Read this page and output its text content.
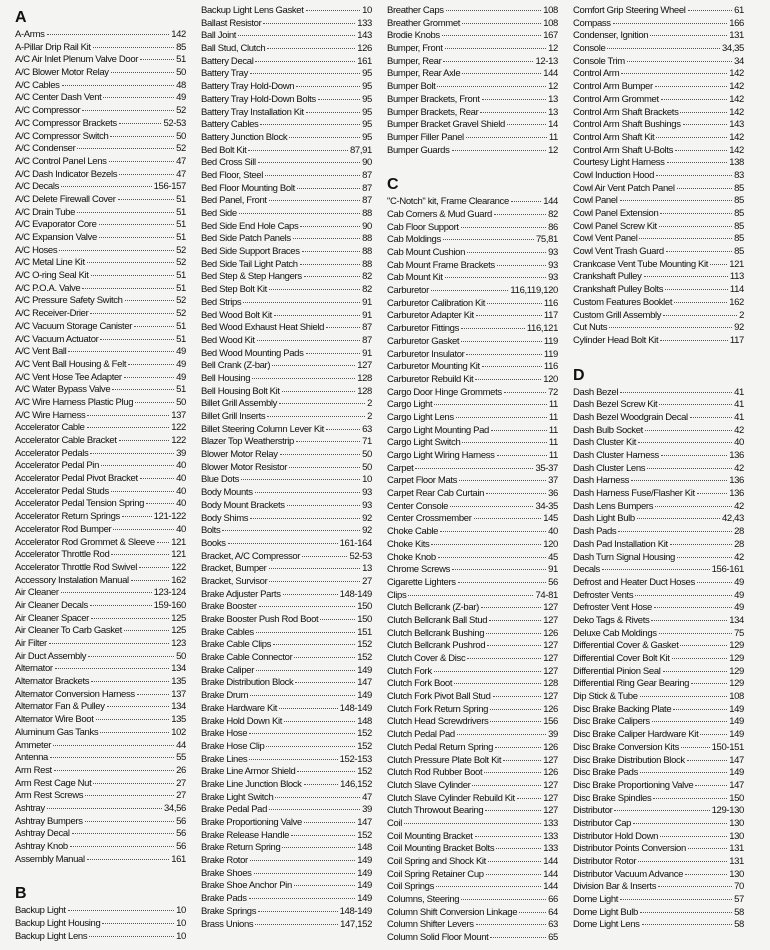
A
A-Arms	142
A-Pillar Drip Rail Kit	85
A/C Air Inlet Plenum Valve Door	51
A/C Blower Motor Relay	50
A/C Cables	48
A/C Center Dash Vent	49
A/C Compressor	52
A/C Compressor Brackets	52-53
A/C Compressor Switch	50
A/C Condenser	52
A/C Control Panel Lens	47
A/C Dash Indicator Bezels	47
A/C Decals	156-157
A/C Delete Firewall Cover	51
A/C Drain Tube	51
A/C Evaporator Core	51
A/C Expansion Valve	51
A/C Hoses	52
A/C Metal Line Kit	52
A/C O-ring Seal Kit	51
A/C P.O.A. Valve	51
A/C Pressure Safety Switch	52
A/C Receiver-Drier	52
A/C Vacuum Storage Canister	51
A/C Vacuum Actuator	51
A/C Vent Ball	49
A/C Vent Ball Housing & Felt	49
A/C Vent Hose Tee Adapter	49
A/C Water Bypass Valve	51
A/C Wire Harness Plastic Plug	50
A/C Wire Harness	137
Accelerator Cable	122
Accelerator Cable Bracket	122
Accelerator Pedals	39
Accelerator Pedal Pin	40
Accelerator Pedal Pivot Bracket	40
Accelerator Pedal Studs	40
Accelerator Pedal Tension Spring	40
Accelerator Return Springs	121-122
Accelerator Rod Bumper	40
Accelerator Rod Grommet & Sleeve 121
Accelerator Throttle Rod	121
Accelerator Throttle Rod Swivel	122
Accessory Instalation Manual	162
Air Cleaner	123-124
Air Cleaner Decals	159-160
Air Cleaner Spacer	125
Air Cleaner To Carb Gasket	125
Air Filter	123
Air Duct Assembly	50
Alternator	134
Alternator Brackets	135
Alternator Conversion Harness	137
Alternator Fan & Pulley	134
Alternator Wire Boot	135
Aluminum Gas Tanks	102
Ammeter	44
Antenna	55
Arm Rest	26
Arm Rest Cage Nut	27
Arm Rest Screws	27
Ashtray	34,56
Ashtray Bumpers	56
Ashtray Decal	56
Ashtray Knob	56
Assembly Manual	161
B
Backup Light	10
Backup Light Housing	10
Backup Light Lens	10
Backup Light Lens Gasket	10
Ballast Resistor	133
Ball Joint	143
Ball Stud, Clutch	126
Battery Decal	161
Battery Tray	95
Battery Tray Hold-Down	95
Battery Tray Hold-Down Bolts	95
Battery Tray Installation Kit	95
Battery Cables	95
Battery Junction Block	95
Bed Bolt Kit	87,91
Bed Cross Sill	90
Bed Floor, Steel	87
Bed Floor Mounting Bolt	87
Bed Panel, Front	87
Bed Side	88
Bed Side End Hole Caps	90
Bed Side Patch Panels	88
Bed Side Support Braces	88
Bed Side Tail Light Patch	88
Bed Step & Step Hangers	82
Bed Step Bolt Kit	82
Bed Strips	91
Bed Wood Bolt Kit	91
Bed Wood Exhaust Heat Shield	87
Bed Wood Kit	87
Bed Wood Mounting Pads	91
Bell Crank (Z-bar)	127
Bell Housing	128
Bell Housing Bolt Kit	128
Billet Grill Assembly	2
Billet Grill Inserts	2
Billet Steering Column Lever Kit	63
Blazer Top Weatherstrip	71
Blower Motor Relay	50
Blower Motor Resistor	50
Blue Dots	10
Body Mounts	93
Body Mount Brackets	93
Body Shims	92
Bolts	92
Books	161-164
Bracket, A/C Compressor	52-53
Bracket, Bumper	13
Bracket, Survisor	27
Brake Adjuster Parts	148-149
Brake Booster	150
Brake Booster Push Rod Boot	150
Brake Cables	151
Brake Cable Clips	152
Brake Cable Connector	152
Brake Caliper	149
Brake Distribution Block	147
Brake Drum	149
Brake Hardware Kit	148-149
Brake Hold Down Kit	148
Brake Hose	152
Brake Hose Clip	152
Brake Lines	152-153
Brake Line Armor Shield	152
Brake Line Junction Block	146,152
Brake Light Switch	47
Brake Pedal Pad	39
Brake Proportioning Valve	147
Brake Release Handle	152
Brake Return Spring	148
Brake Rotor	149
Brake Shoes	149
Brake Shoe Anchor Pin	149
Brake Pads	149
Brake Springs	148-149
Brass Unions	147,152
Breather Caps	108
Breather Grommet	108
Brodie Knobs	167
Bumper, Front	12
Bumper, Rear	12-13
Bumper, Rear Axle	144
Bumper Bolt	12
Bumper Brackets, Front	13
Bumper Brackets, Rear	13
Bumper Bracket Gravel Shield	14
Bumper Filler Panel	11
Bumper Guards	12
C
"C-Notch" kit, Frame Clearance	144
Cab Corners & Mud Guard	82
Cab Floor Support	86
Cab Moldings	75,81
Cab Mount Cushion	93
Cab Mount Frame Brackets	93
Cab Mount Kit	93
Carburetor	116,119,120
Carburetor Calibration Kit	116
Carburetor Adapter Kit	117
Carburetor Fittings	116,121
Carburetor Gasket	119
Carburetor Insulator	119
Carburetor Mounting Kit	116
Carburetor Rebuild Kit	120
Cargo Door Hinge Grommets	72
Cargo Light	11
Cargo Light Lens	11
Cargo Light Mounting Pad	11
Cargo Light Switch	11
Cargo Light Wiring Harness	11
Carpet	35-37
Carpet Floor Mats	37
Carpet Rear Cab Curtain	36
Center Console	34-35
Center Crossmember	145
Choke Cable	40
Choke Kits	120
Choke Knob	45
Chrome Screws	91
Cigarette Lighters	56
Clips	74-81
Clutch Bellcrank (Z-bar)	127
Clutch Bellcrank Ball Stud	127
Clutch Bellcrank Bushing	126
Clutch Bellcrank Pushrod	127
Clutch Cover & Disc	127
Clutch Fork	127
Clutch Fork Boot	128
Clutch Fork Pivot Ball Stud	127
Clutch Fork Return Spring	126
Clutch Head Screwdrivers	156
Clutch Pedal Pad	39
Clutch Pedal Return Spring	126
Clutch Pressure Plate Bolt Kit	127
Clutch Rod Rubber Boot	126
Clutch Slave Cylinder	127
Clutch Slave Cylinder Rebuild Kit	127
Clutch Throwout Bearing	127
Coil	133
Coil Mounting Bracket	133
Coil Mounting Bracket Bolts	133
Coil Spring and Shock Kit	144
Coil Spring Retainer Cup	144
Coil Springs	144
Columns, Steering	66
Column Shift Conversion Linkage	64
Column Shifter Levers	63
Column Solid Floor Mount	65
Comfort Grip Steering Wheel	61
Compass	166
Condenser, Ignition	131
Console	34,35
Console Trim	34
Control Arm	142
Control Arm Bumper	142
Control Arm Grommet	142
Control Arm Shaft Brackets	142
Control Arm Shaft Bushings	143
Control Arm Shaft Kit	142
Control Arm Shaft U-Bolts	142
Courtesy Light Harness	138
Cowl Induction Hood	83
Cowl Air Vent Patch Panel	85
Cowl Panel	85
Cowl Panel Extension	85
Cowl Panel Screw Kit	85
Cowl Vent Panel	85
Cowl Vent Trash Guard	85
Crankcase Vent Tube Mounting Kit 121
Crankshaft Pulley	113
Crankshaft Pulley Bolts	114
Custom Features Booklet	162
Custom Grill Assembly	2
Cut Nuts	92
Cylinder Head Bolt Kit	117
D
Dash Bezel	41
Dash Bezel Screw Kit	41
Dash Bezel Woodgrain Decal	41
Dash Bulb Socket	42
Dash Cluster Kit	40
Dash Cluster Harness	136
Dash Cluster Lens	42
Dash Harness	136
Dash Harness Fuse/Flasher Kit	136
Dash Lens Bumpers	42
Dash Light Bulb	42,43
Dash Pads	28
Dash Pad Installation Kit	28
Dash Turn Signal Housing	42
Decals	156-161
Defrost and Heater Duct Hoses	49
Defroster Vents	49
Defroster Vent Hose	49
Deko Tags & Rivets	134
Deluxe Cab Moldings	75
Differential Cover & Gasket	129
Differential Cover Bolt Kit	129
Differential Pinion Seal	129
Differential Ring Gear Bearing	129
Dip Stick & Tube	108
Disc Brake Backing Plate	149
Disc Brake Calipers	149
Disc Brake Caliper Hardware Kit	149
Disc Brake Conversion Kits	150-151
Disc Brake Distribution Block	147
Disc Brake Pads	149
Disc Brake Proportioning Valve	147
Disc Brake Spindles	150
Distributor	129-130
Distributor Cap	130
Distributor Hold Down	130
Distributor Points Conversion	131
Distributor Rotor	131
Distributor Vacuum Advance	130
Division Bar & Inserts	70
Dome Light	57
Dome Light Bulb	58
Dome Light Lens	58
